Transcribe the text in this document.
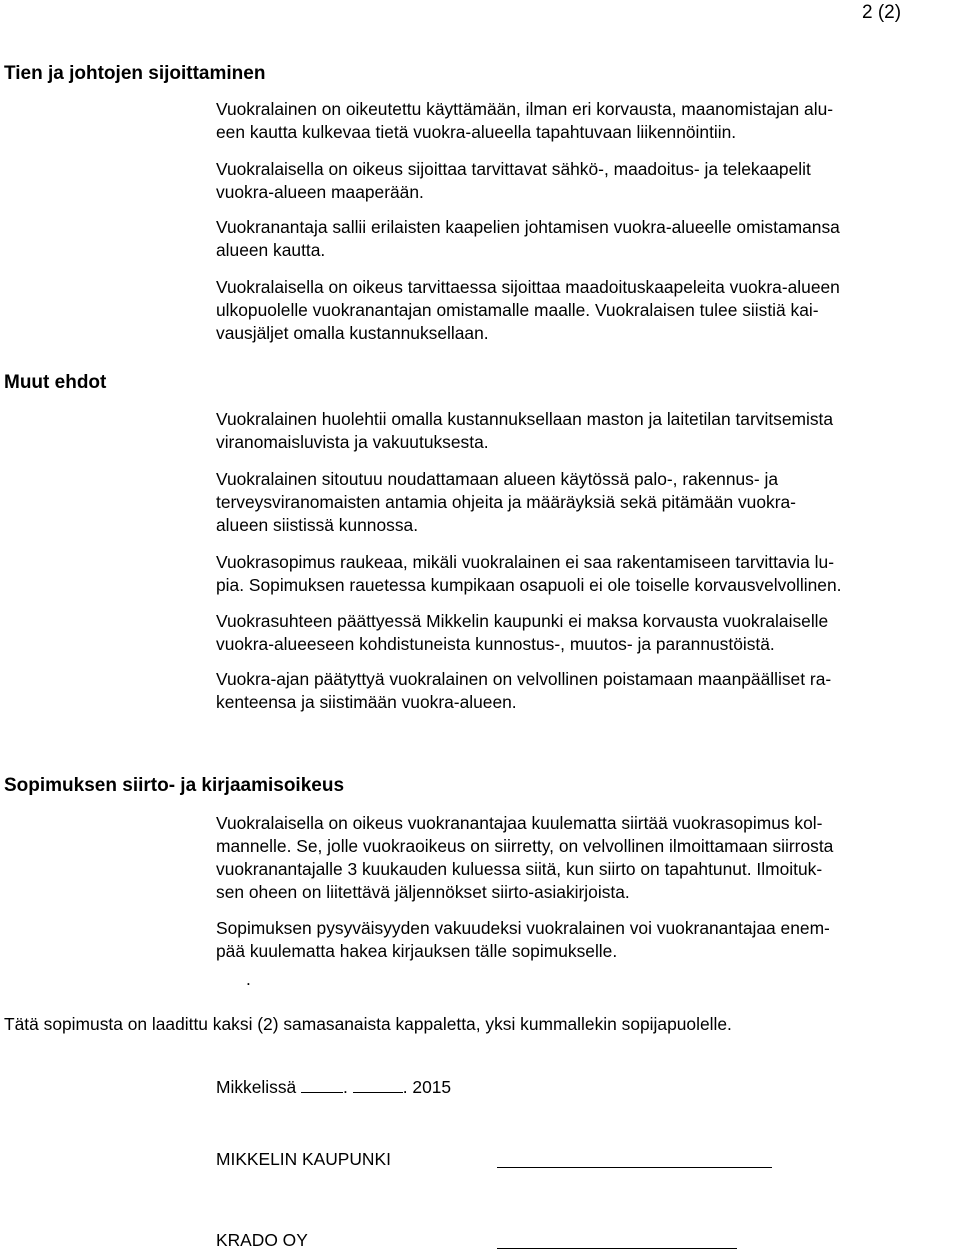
2 (2)
Tien ja johtojen sijoittaminen
Vuokralainen on oikeutettu käyttämään, ilman eri korvausta, maanomistajan alu-
een kautta kulkevaa tietä vuokra-alueella tapahtuvaan liikennöintiin.
Vuokralaisella on oikeus sijoittaa tarvittavat sähkö-, maadoitus- ja telekaapelit
vuokra-alueen maaperään.
Vuokranantaja sallii erilaisten kaapelien johtamisen vuokra-alueelle omistamansa
alueen kautta.
Vuokralaisella on oikeus tarvittaessa sijoittaa maadoituskaapeleita vuokra-alueen
ulkopuolelle vuokranantajan omistamalle maalle. Vuokralaisen tulee siistiä kai-
vausjäljet omalla kustannuksellaan.
Muut ehdot
Vuokralainen huolehtii omalla kustannuksellaan maston ja laitetilan tarvitsemista
viranomaisluvista ja vakuutuksesta.
Vuokralainen sitoutuu noudattamaan alueen käytössä palo-, rakennus- ja
terveysviranomaisten antamia ohjeita ja määräyksiä sekä pitämään vuokra-
alueen siistissä kunnossa.
Vuokrasopimus raukeaa, mikäli vuokralainen ei saa rakentamiseen tarvittavia lu-
pia. Sopimuksen rauetessa kumpikaan osapuoli ei ole toiselle korvausvelvollinen.
Vuokrasuhteen päättyessä Mikkelin kaupunki ei maksa korvausta vuokralaiselle
vuokra-alueeseen kohdistuneista kunnostus-, muutos- ja parannustöistä.
Vuokra-ajan päätyttyä vuokralainen on velvollinen poistamaan maanpäälliset ra-
kenteensa ja siistimään vuokra-alueen.
Sopimuksen siirto- ja kirjaamisoikeus
Vuokralaisella on oikeus vuokranantajaa kuulematta siirtää vuokrasopimus kol-
mannelle. Se, jolle vuokraoikeus on siirretty, on velvollinen ilmoittamaan siirrosta
vuokranantajalle 3 kuukauden kuluessa siitä, kun siirto on tapahtunut. Ilmoituk-
sen oheen on liitettävä jäljennökset siirto-asiakirjoista.
Sopimuksen pysyväisyyden vakuudeksi vuokralainen voi vuokranantajaa enem-
pää kuulematta hakea kirjauksen tälle sopimukselle.
.
Tätä sopimusta on laadittu kaksi (2) samasanaista kappaletta, yksi kummallekin sopijapuolelle.
Mikkelissä	.	. 2015
MIKKELIN KAUPUNKI
KRADO OY
